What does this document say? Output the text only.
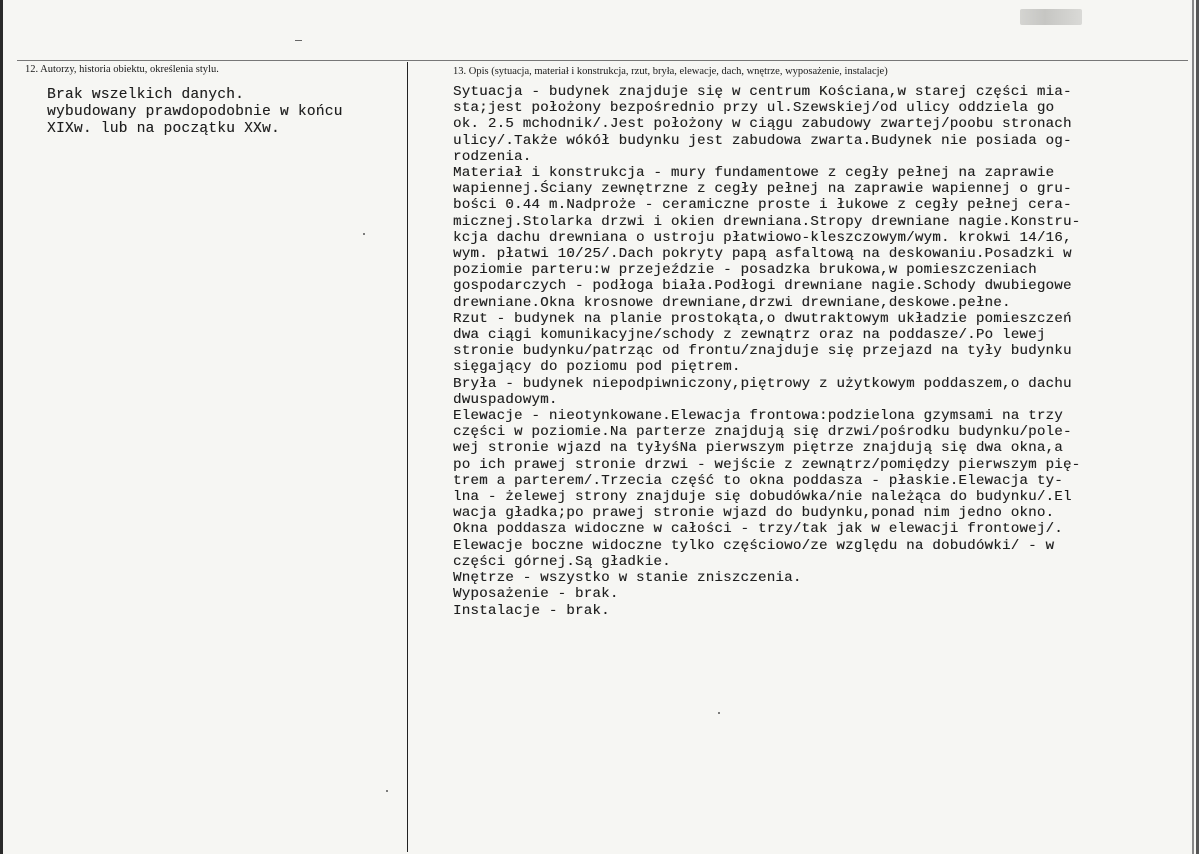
12. Autorzy, historia obiektu, określenia stylu.
Brak wszelkich danych.
wybudowany prawdopodobnie w końcu
XIXw. lub na początku XXw.
13. Opis (sytuacja, materiał i konstrukcja, rzut, bryła, elewacje, dach, wnętrze, wyposażenie, instalacje)
Sytuacja - budynek znajduje się w centrum Kościana,w starej części mia-
sta;jest położony bezpośrednio przy ul.Szewskiej/od ulicy oddziela go
ok. 2.5 mchodnik/.Jest położony w ciągu zabudowy zwartej/poobu stronach
ulicy/.Także wókół budynku jest zabudowa zwarta.Budynek nie posiada og-
rodzenia.
Materiał i konstrukcja - mury fundamentowe z cegły pełnej na zaprawie
wapiennej.Ściany zewnętrzne z cegły pełnej na zaprawie wapiennej o gru-
bości 0.44 m.Nadproże - ceramiczne proste i łukowe z cegły pełnej cera-
micznej.Stolarka drzwi i okien drewniana.Stropy drewniane nagie.Konstru-
kcja dachu drewniana o ustroju płatwiowo-kleszczowym/wym. krokwi 14/16,
wym. płatwi 10/25/.Dach pokryty papą asfaltową na deskowaniu.Posadzki w
poziomie parteru:w przejeździe - posadzka brukowa,w pomieszczeniach
gospodarczych - podłoga biała.Podłogi drewniane nagie.Schody dwubiegowe
drewniane.Okna krosnowe drewniane,drzwi drewniane,deskowe.pełne.
Rzut - budynek na planie prostokąta,o dwutraktowym układzie pomieszczeń
dwa ciągi komunikacyjne/schody z zewnątrz oraz na poddasze/.Po lewej
stronie budynku/patrząc od frontu/znajduje się przejazd na tyły budynku
sięgający do poziomu pod piętrem.
Bryła - budynek niepodpiwniczony,piętrowy z użytkowym poddaszem,o dachu
dwuspadowym.
Elewacje - nieotynkowane.Elewacja frontowa:podzielona gzymsami na trzy
części w poziomie.Na parterze znajdują się drzwi/pośrodku budynku/pole-
wej stronie wjazd na tyłyśNa pierwszym piętrze znajdują się dwa okna,a
po ich prawej stronie drzwi - wejście z zewnątrz/pomiędzy pierwszym pię-
trem a parterem/.Trzecia część to okna poddasza - płaskie.Elewacja ty-
lna - żelewej strony znajduje się dobudówka/nie należąca do budynku/.El
wacja gładka;po prawej stronie wjazd do budynku,ponad nim jedno okno.
Okna poddasza widoczne w całości - trzy/tak jak w elewacji frontowej/.
Elewacje boczne widoczne tylko częściowo/ze względu na dobudówki/ - w
części górnej.Są gładkie.
Wnętrze - wszystko w stanie zniszczenia.
Wyposażenie - brak.
Instalacje - brak.
